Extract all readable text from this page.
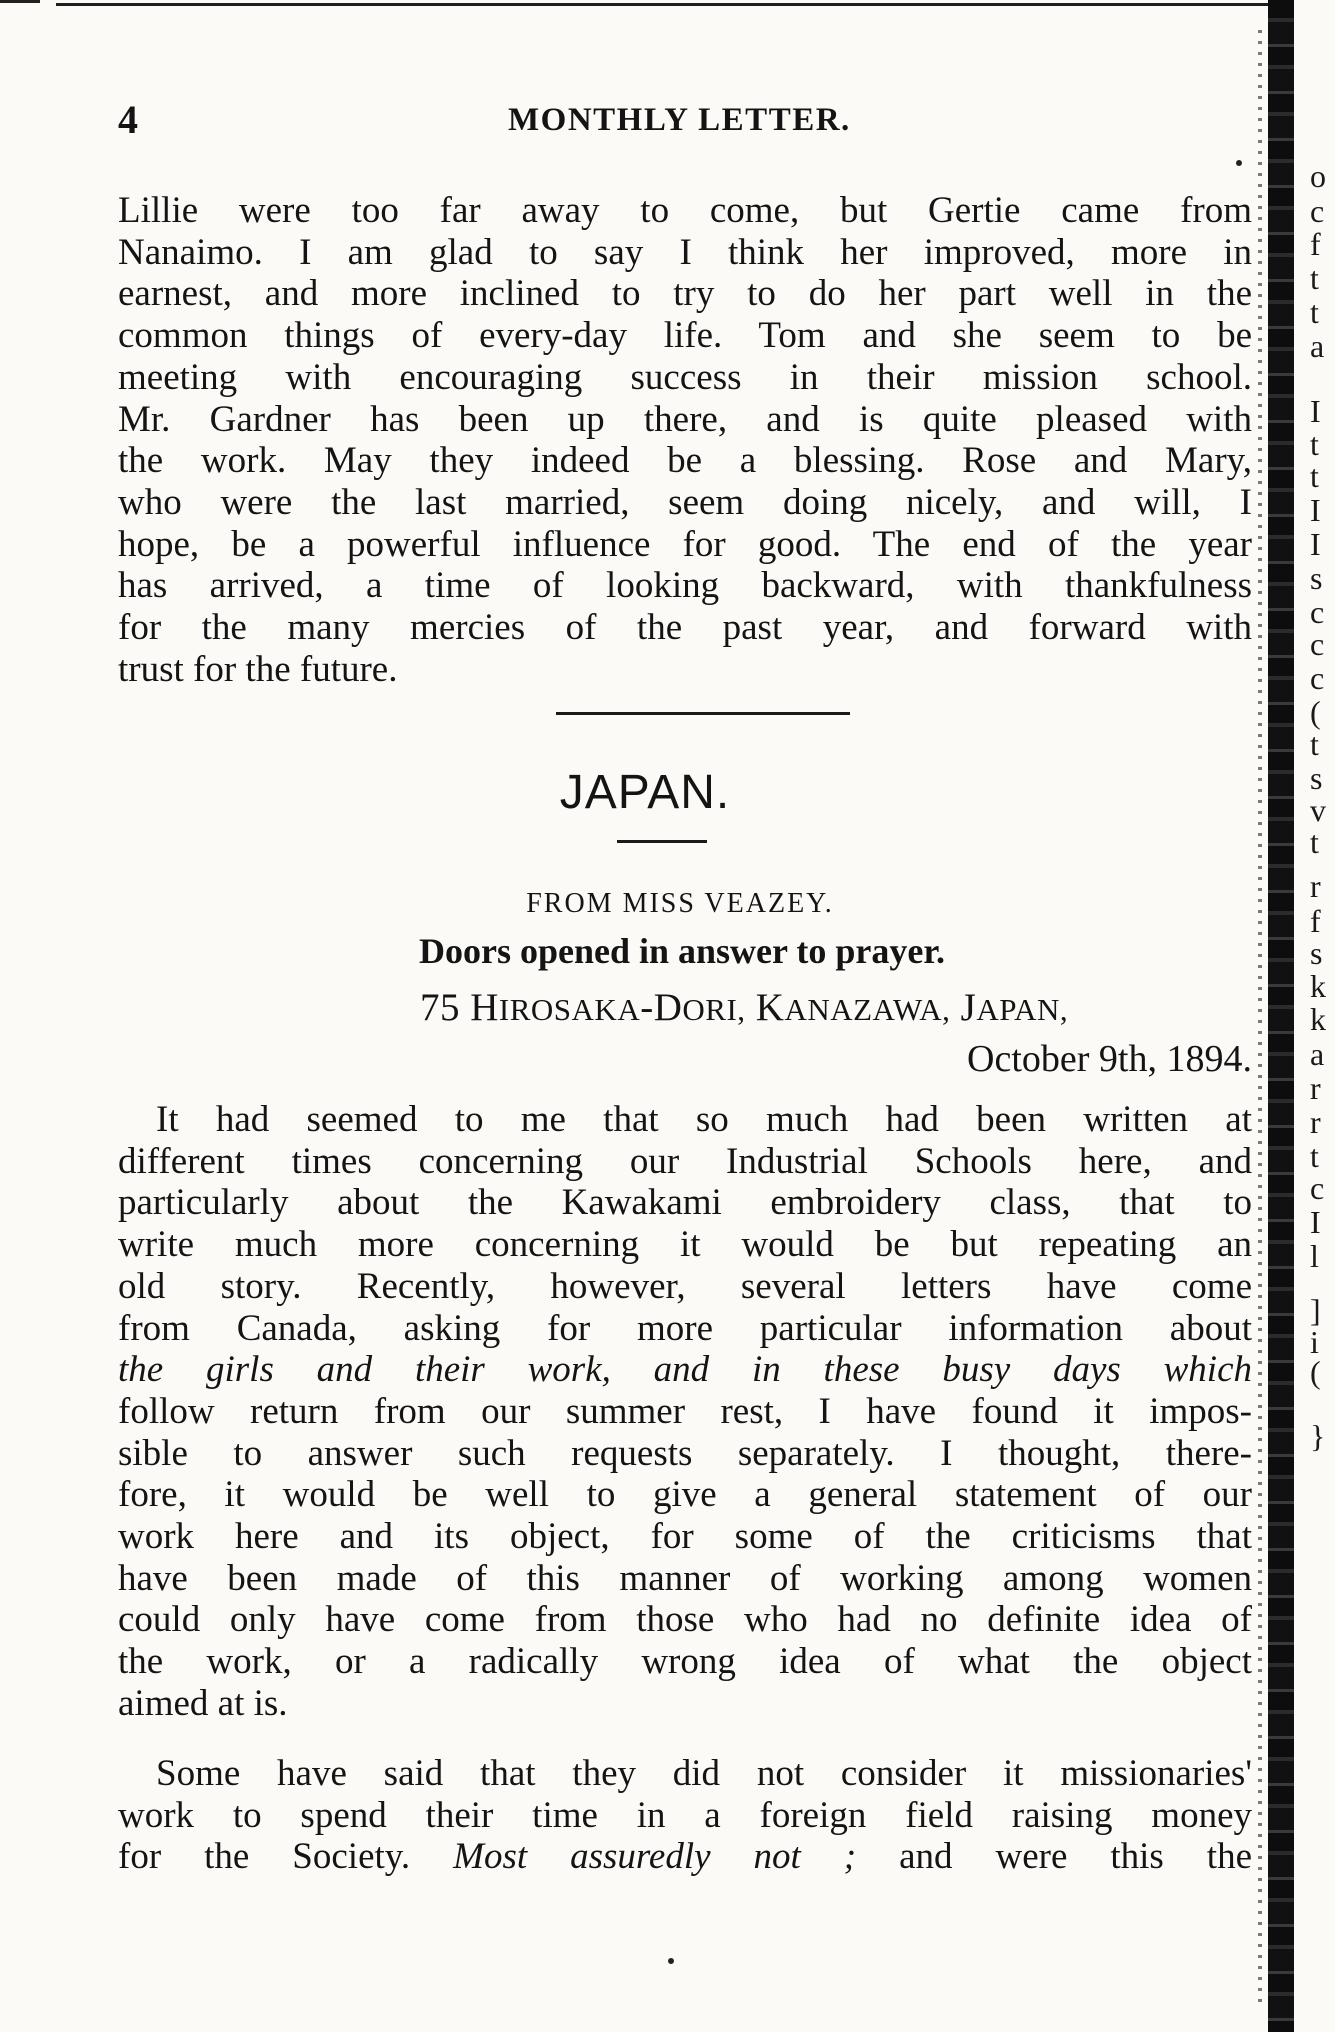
o
c
f
t
t
a
I
t
t
I
I
s
c
c
c
(
t
s
v
t
r
f
s
k
k
a
r
r
t
c
I
l
]
i
(
}
4	MONTHLY LETTER.

Lillie were too far away to come, but Gertie came from
Nanaimo. I am glad to say I think her improved, more in
earnest, and more inclined to try to do her part well in the
common things of every-day life. Tom and she seem to be
meeting with encouraging success in their mission school.
Mr. Gardner has been up there, and is quite pleased with
the work. May they indeed be a blessing. Rose and Mary,
who were the last married, seem doing nicely, and will, I
hope, be a powerful influence for good. The end of the year
has arrived, a time of looking backward, with thankfulness
for the many mercies of the past year, and forward with
trust for the future.

JAPAN.
FROM MISS VEAZEY.
Doors opened in answer to prayer.
75 HIROSAKA-DORI, KANAZAWA, JAPAN,
October 9th, 1894.

It had seemed to me that so much had been written at
different times concerning our Industrial Schools here, and
particularly about the Kawakami embroidery class, that to
write much more concerning it would be but repeating an
old story. Recently, however, several letters have come
from Canada, asking for more particular information about
the girls and their work, and in these busy days which
follow return from our summer rest, I have found it impos-
sible to answer such requests separately. I thought, there-
fore, it would be well to give a general statement of our
work here and its object, for some of the criticisms that
have been made of this manner of working among women
could only have come from those who had no definite idea of
the work, or a radically wrong idea of what the object
aimed at is.

Some have said that they did not consider it missionaries'
work to spend their time in a foreign field raising money

for the Society. Most assuredly not ; and were this the
